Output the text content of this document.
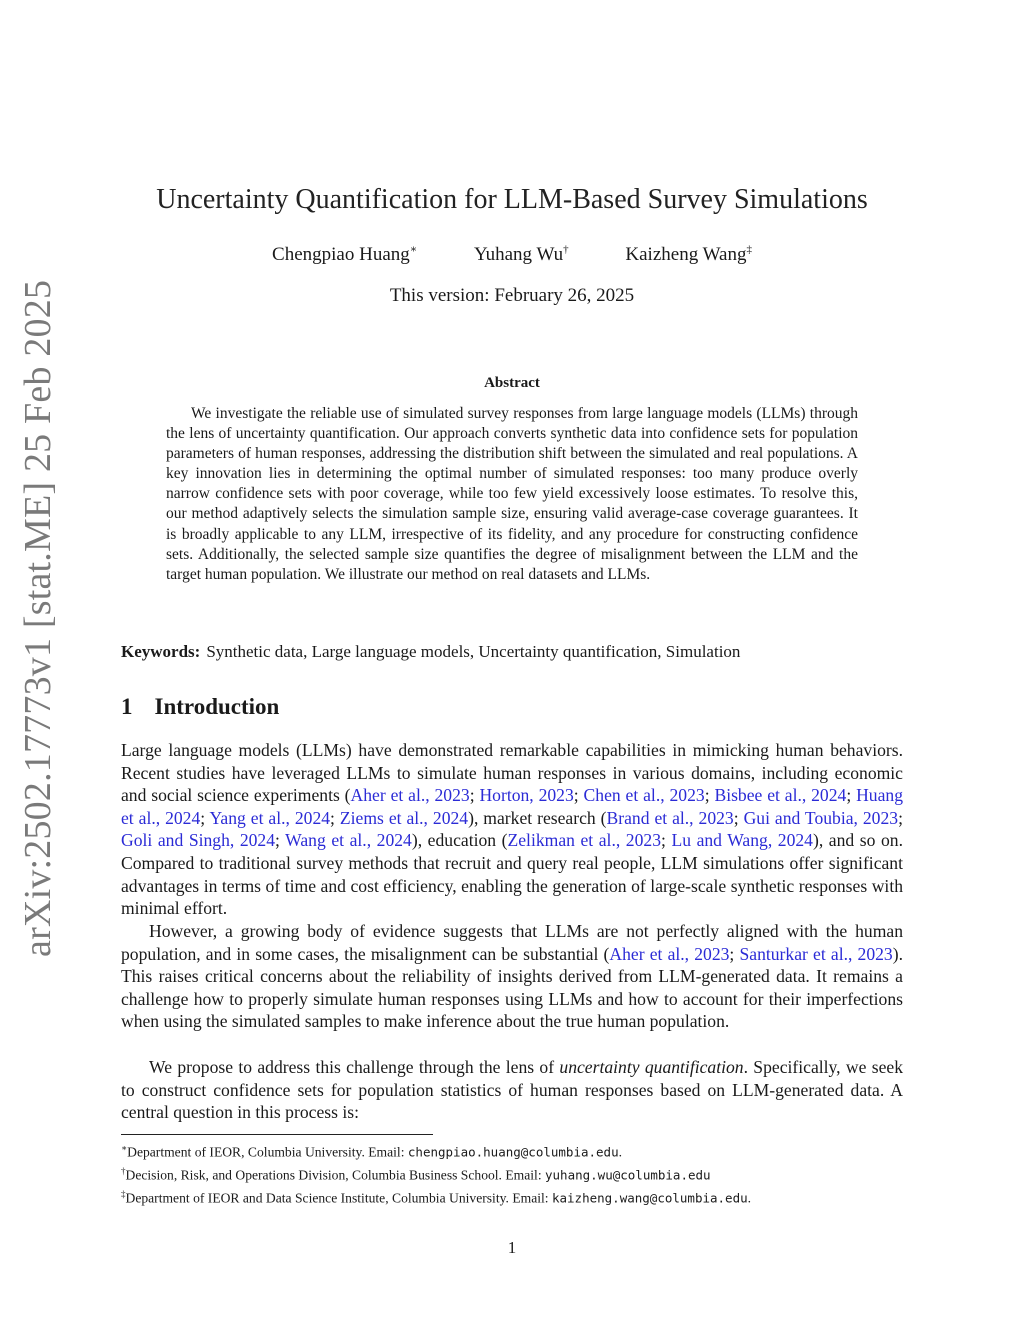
arXiv:2502.17773v1 [stat.ME] 25 Feb 2025
Uncertainty Quantification for LLM-Based Survey Simulations
Chengpiao Huang∗	Yuhang Wu†	Kaizheng Wang‡
This version: February 26, 2025
Abstract
We investigate the reliable use of simulated survey responses from large language models (LLMs) through the lens of uncertainty quantification. Our approach converts synthetic data into confidence sets for population parameters of human responses, addressing the distribution shift between the simulated and real populations. A key innovation lies in determining the optimal number of simulated responses: too many produce overly narrow confidence sets with poor coverage, while too few yield excessively loose estimates. To resolve this, our method adaptively selects the simulation sample size, ensuring valid average-case coverage guarantees. It is broadly applicable to any LLM, irrespective of its fidelity, and any procedure for constructing confidence sets. Additionally, the selected sample size quantifies the degree of misalignment between the LLM and the target human population. We illustrate our method on real datasets and LLMs.
Keywords: Synthetic data, Large language models, Uncertainty quantification, Simulation
1 Introduction
Large language models (LLMs) have demonstrated remarkable capabilities in mimicking human behaviors. Recent studies have leveraged LLMs to simulate human responses in various domains, including economic and social science experiments (Aher et al., 2023; Horton, 2023; Chen et al., 2023; Bisbee et al., 2024; Huang et al., 2024; Yang et al., 2024; Ziems et al., 2024), market research (Brand et al., 2023; Gui and Toubia, 2023; Goli and Singh, 2024; Wang et al., 2024), education (Zelikman et al., 2023; Lu and Wang, 2024), and so on. Compared to traditional survey methods that recruit and query real people, LLM simulations offer significant advantages in terms of time and cost efficiency, enabling the generation of large-scale synthetic responses with minimal effort.
However, a growing body of evidence suggests that LLMs are not perfectly aligned with the human population, and in some cases, the misalignment can be substantial (Aher et al., 2023; Santurkar et al., 2023). This raises critical concerns about the reliability of insights derived from LLM-generated data. It remains a challenge how to properly simulate human responses using LLMs and how to account for their imperfections when using the simulated samples to make inference about the true human population.
We propose to address this challenge through the lens of uncertainty quantification. Specifically, we seek to construct confidence sets for population statistics of human responses based on LLM-generated data. A central question in this process is:
∗Department of IEOR, Columbia University. Email: chengpiao.huang@columbia.edu.
†Decision, Risk, and Operations Division, Columbia Business School. Email: yuhang.wu@columbia.edu
‡Department of IEOR and Data Science Institute, Columbia University. Email: kaizheng.wang@columbia.edu.
1
